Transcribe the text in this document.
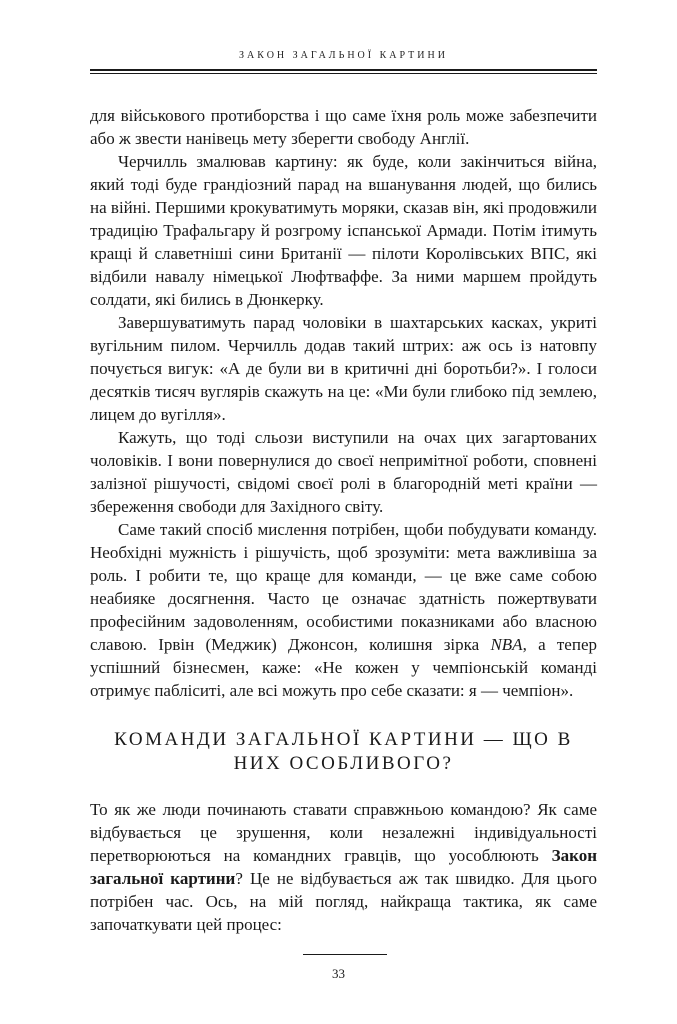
ЗАКОН ЗАГАЛЬНОЇ КАРТИНИ

для військового протиборства і що саме їхня роль може забезпечити або ж звести нанівець мету зберегти свободу Англії.

Черчилль змалював картину: як буде, коли закінчиться війна, який тоді буде грандіозний парад на вшанування людей, що бились на війні. Першими крокуватимуть моряки, сказав він, які продовжили традицію Трафальгару й розгрому іспанської Армади. Потім ітимуть кращі й славетніші сини Британії — пілоти Королівських ВПС, які відбили навалу німецької Люфтваффе. За ними маршем пройдуть солдати, які бились в Дюнкерку.

Завершуватимуть парад чоловіки в шахтарських касках, укриті вугільним пилом. Черчилль додав такий штрих: аж ось із натовпу почується вигук: «А де були ви в критичні дні боротьби?». І голоси десятків тисяч вуглярів скажуть на це: «Ми були глибоко під землею, лицем до вугілля».

Кажуть, що тоді сльози виступили на очах цих загартованих чоловіків. І вони повернулися до своєї непримітної роботи, сповнені залізної рішучості, свідомі своєї ролі в благородній меті країни — збереження свободи для Західного світу.

Саме такий спосіб мислення потрібен, щоби побудувати команду. Необхідні мужність і рішучість, щоб зрозуміти: мета важливіша за роль. І робити те, що краще для команди, — це вже саме собою неабияке досягнення. Часто це означає здатність пожертвувати професійним задоволенням, особистими показниками або власною славою. Ірвін (Меджик) Джонсон, колишня зірка NBA, а тепер успішний бізнесмен, каже: «Не кожен у чемпіонській команді отримує пабліситі, але всі можуть про себе сказати: я — чемпіон».

КОМАНДИ ЗАГАЛЬНОЇ КАРТИНИ — ЩО В НИХ ОСОБЛИВОГО?

То як же люди починають ставати справжньою командою? Як саме відбувається це зрушення, коли незалежні індивідуальності перетворюються на командних гравців, що уособлюють Закон загальної картини? Це не відбувається аж так швидко. Для цього потрібен час. Ось, на мій погляд, найкраща тактика, як саме започаткувати цей процес:

33
